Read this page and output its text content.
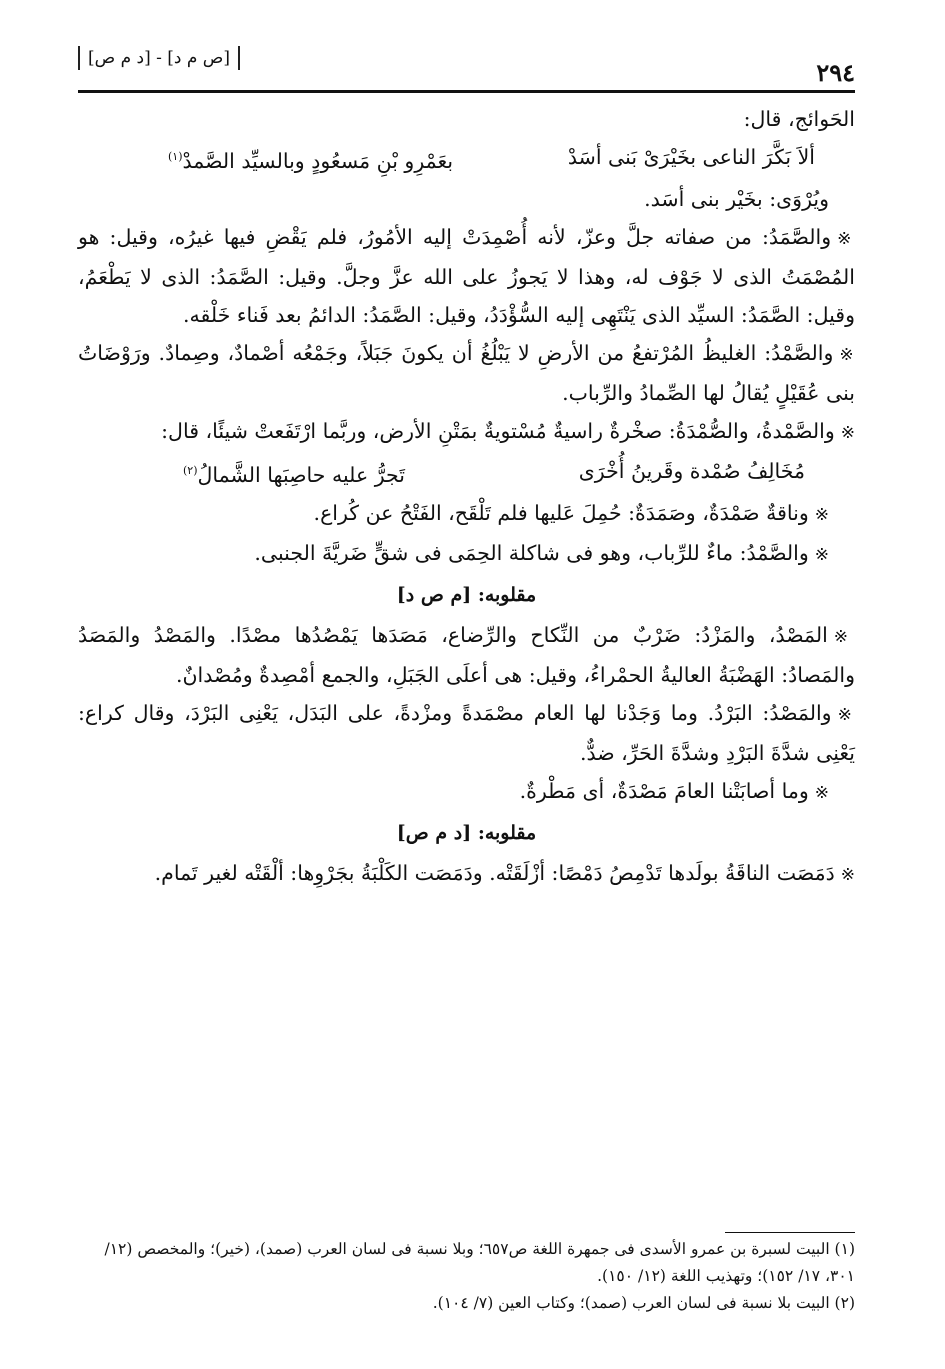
٢٩٤
[ص م د] - [د م ص]

الحَوائج، قال:

ألاَ بَكَّرَ الناعى بخَيْرَىْ بَنى أسَدْ
بعَمْرِو بْنِ مَسعُودٍ وبالسيِّد الصَّمدْ$^{(١)}$

ويُرْوَى: بخَيْر بنى أسَد.

※والصَّمَدُ: من صفاته جلَّ وعزّ، لأنه أُصْمِدَتْ إليه الأمُورُ، فلم يَقْضِ فيها غيرُه، وقيل: هو المُصْمَتُ الذى لا جَوْف له، وهذا لا يَجوزُ على الله عزَّ وجلَّ. وقيل: الصَّمَدُ: الذى لا يَطْعَمُ، وقيل: الصَّمَدُ: السيِّد الذى يَنْتَهِى إليه السُّؤْدَدُ، وقيل: الصَّمَدُ: الدائمُ بعد فَناء خَلْقه.

※والصَّمْدُ: الغليظُ المُرْتفعُ من الأرضِ لا يَبْلُغُ أن يكونَ جَبَلاً، وجَمْعُه أصْمادٌ، وصِمادٌ. ورَوْضَاتُ بنى عُقَيْلٍ يُقالُ لها الصِّمادُ والرِّباب.

※والصَّمْدةُ، والصُّمْدَةُ: صخْرةٌ راسيةٌ مُسْتويةٌ بمَتْنِ الأرض، وربَّما ارْتَفَعتْ شيئًا، قال:

مُخَالِفُ صُمْدة وقَرينُ أُخْرَى
تَجرُّ عليه حاصِبَها الشَّمالُ$^{(٢)}$

※وناقةٌ صَمْدَةٌ، وصَمَدَةٌ: حُمِلَ عَليها فلم تَلْقَح، الفَتْحُ عن كُراع.

※والصَّمْدُ: ماءٌ للرِّباب، وهو فى شاكلة الحِمَى فى شقٍّ ضَريَّةَ الجنبى.

مقلوبه: [م ص د]

※المَصْدُ، والمَزْدُ: ضَرْبٌ من النِّكاح والرِّضاع، مَصَدَها يَمْصُدُها مصْدًا. والمَصْدُ والمَصَدُ والمَصادُ: الهَضْبَةُ العاليةُ الحمْراءُ، وقيل: هى أعلَى الجَبَلِ، والجمع أمْصِدةٌ ومُصْدانٌ.

※والمَصْدُ: البَرْدُ. وما وَجَدْنا لها العام مصْمَدةً ومزْدةً، على البَدَل، يَعْنِى البَرْدَ، وقال كراع: يَعْنِى شدَّةَ البَرْدِ وشدَّةَ الحَرِّ، ضدٌّ.

※وما أصابَتْنا العامَ مَصْدَةٌ، أى مَطْرةٌ.

مقلوبه: [د م ص]

※دَمَصَت الناقَةُ بولَدها تَدْمِصُ دَمْصًا: أزْلَقَتْه. ودَمَصَت الكَلْبَةُ بجَرْوِها: ألْقَتْه لغير تَمام.

(١) البيت لسبرة بن عمرو الأسدى فى جمهرة اللغة ص٦٥٧؛ وبلا نسبة فى لسان العرب (صمد)، (خير)؛ والمخصص (١٢/ ٣٠١، ١٧/ ١٥٢)؛ وتهذيب اللغة (١٢/ ١٥٠).

(٢) البيت بلا نسبة فى لسان العرب (صمد)؛ وكتاب العين (٧/ ١٠٤).
